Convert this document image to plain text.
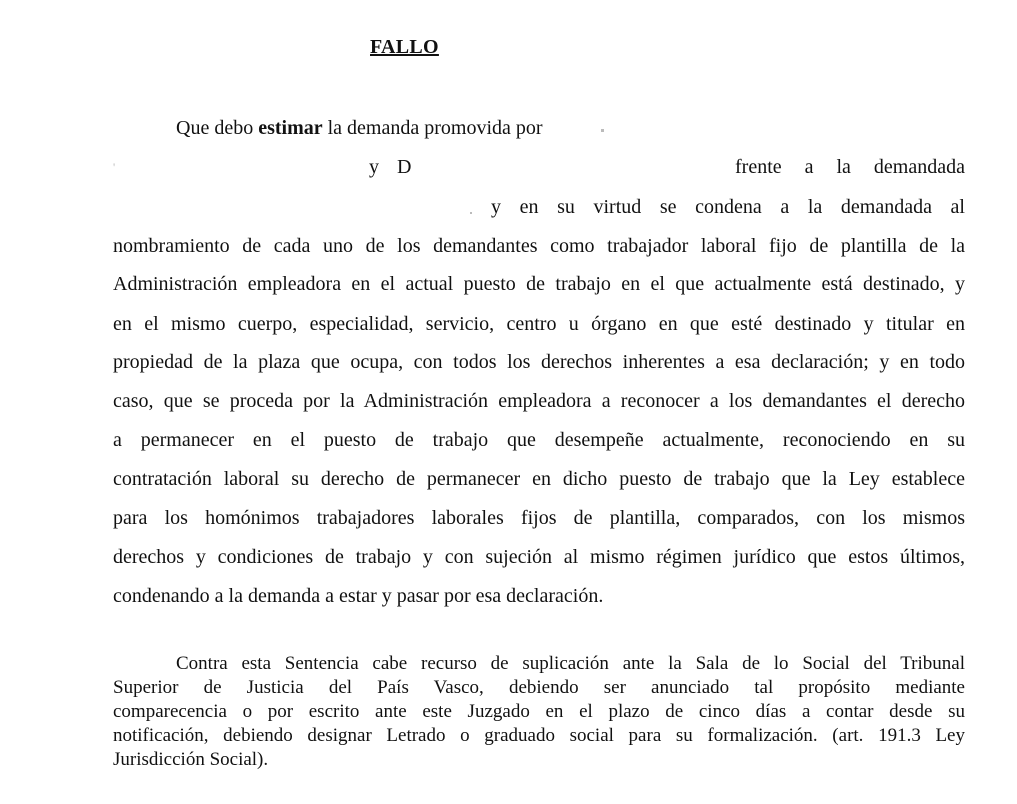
FALLO
Que debo estimar la demanda promovida por
'	y D	frente a la demandada
y en su virtud se condena a la demandada al
nombramiento de cada uno de los demandantes como trabajador laboral fijo de plantilla de la
Administración empleadora en el actual puesto de trabajo en el que actualmente está destinado, y
en el mismo cuerpo, especialidad, servicio, centro u órgano en que esté destinado y titular en
propiedad de la plaza que ocupa, con todos los derechos inherentes a esa declaración; y en todo
caso, que se proceda por la Administración empleadora a reconocer a los demandantes el derecho
a permanecer en el puesto de trabajo que desempeñe actualmente, reconociendo en su
contratación laboral su derecho de permanecer en dicho puesto de trabajo que la Ley establece
para los homónimos trabajadores laborales fijos de plantilla, comparados, con los mismos
derechos y condiciones de trabajo y con sujeción al mismo régimen jurídico que estos últimos,
condenando a la demanda a estar y pasar por esa declaración.
Contra esta Sentencia cabe recurso de suplicación ante la Sala de lo Social del Tribunal
Superior de Justicia del País Vasco, debiendo ser anunciado tal propósito mediante
comparecencia o por escrito ante este Juzgado en el plazo de cinco días a contar desde su
notificación, debiendo designar Letrado o graduado social para su formalización. (art. 191.3 Ley
Jurisdicción Social).
